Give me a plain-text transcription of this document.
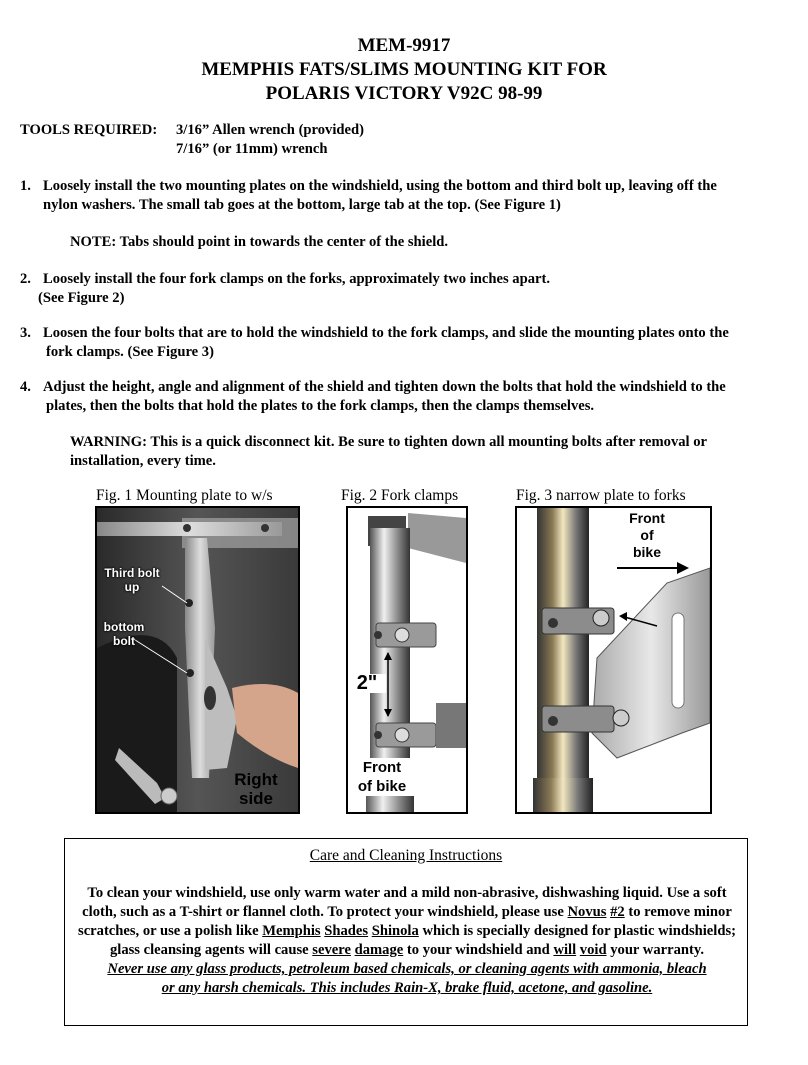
MEM-9917
MEMPHIS FATS/SLIMS MOUNTING KIT FOR
POLARIS VICTORY V92C 98-99
TOOLS REQUIRED: 3/16” Allen wrench (provided)
7/16” (or 11mm) wrench
1. Loosely install the two mounting plates on the windshield, using the bottom and third bolt up, leaving off the
nylon washers. The small tab goes at the bottom, large tab at the top. (See Figure 1)
NOTE: Tabs should point in towards the center of the shield.
2. Loosely install the four fork clamps on the forks, approximately two inches apart.
(See Figure 2)
3. Loosen the four bolts that are to hold the windshield to the fork clamps, and slide the mounting plates onto the
fork clamps. (See Figure 3)
4. Adjust the height, angle and alignment of the shield and tighten down the bolts that hold the windshield to the
plates, then the bolts that hold the plates to the fork clamps, then the clamps themselves.
WARNING: This is a quick disconnect kit. Be sure to tighten down all mounting bolts after removal or
installation, every time.
Fig. 1 Mounting plate to w/s	Fig. 2 Fork clamps	Fig. 3 narrow plate to forks
Third bolt
up
bottom
bolt
Right
side
2"
Front
of bike
Front
of
bike
Care and Cleaning Instructions
To clean your windshield, use only warm water and a mild non-abrasive, dishwashing liquid. Use a soft cloth, such as a T-shirt or flannel cloth. To protect your windshield, please use Novus #2 to remove minor scratches, or use a polish like Memphis Shades Shinola which is specially designed for plastic windshields; glass cleansing agents will cause severe damage to your windshield and will void your warranty.
Never use any glass products, petroleum based chemicals, or cleaning agents with ammonia, bleach
or any harsh chemicals. This includes Rain-X, brake fluid, acetone, and gasoline.
